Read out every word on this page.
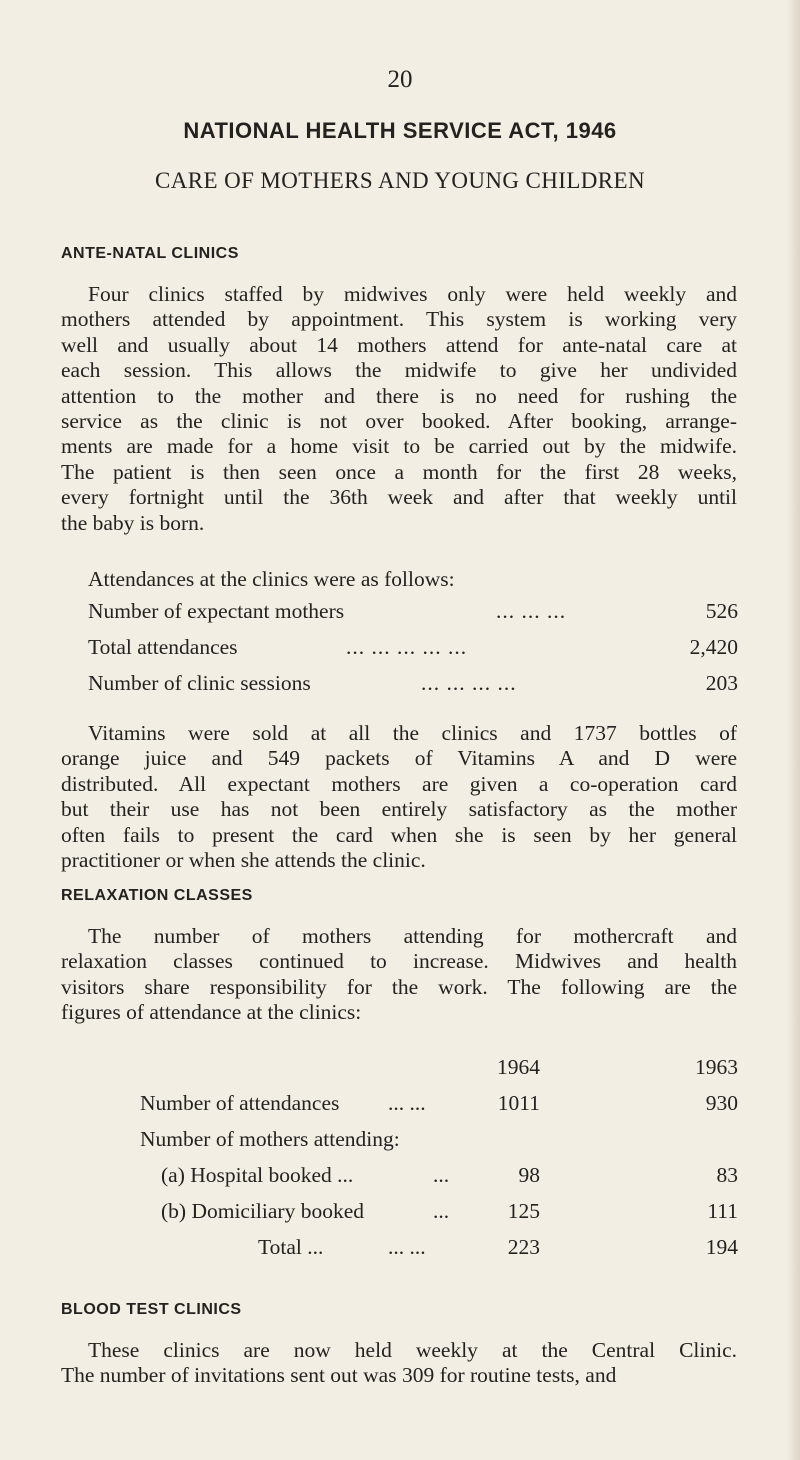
20
NATIONAL HEALTH SERVICE ACT, 1946
CARE OF MOTHERS AND YOUNG CHILDREN
ANTE-NATAL CLINICS
Four clinics staffed by midwives only were held weekly and
mothers attended by appointment. This system is working very
well and usually about 14 mothers attend for ante-natal care at
each session. This allows the midwife to give her undivided
attention to the mother and there is no need for rushing the
service as the clinic is not over booked. After booking, arrange-
ments are made for a home visit to be carried out by the midwife.
The patient is then seen once a month for the first 28 weeks,
every fortnight until the 36th week and after that weekly until
the baby is born.
Attendances at the clinics were as follows:
Number of expectant mothers	... ... ...	526
Total attendances	... ... ... ... ...	2,420
Number of clinic sessions	... ... ... ...	203
Vitamins were sold at all the clinics and 1737 bottles of
orange juice and 549 packets of Vitamins A and D were
distributed. All expectant mothers are given a co-operation card
but their use has not been entirely satisfactory as the mother
often fails to present the card when she is seen by her general
practitioner or when she attends the clinic.
RELAXATION CLASSES
The number of mothers attending for mothercraft and
relaxation classes continued to increase. Midwives and health
visitors share responsibility for the work. The following are the
figures of attendance at the clinics:
1964	1963
Number of attendances ... ...	1011	930
Number of mothers attending:
(a) Hospital booked ...	...	98	83
(b) Domiciliary booked	...	125	111
Total ...	... ...	223	194
BLOOD TEST CLINICS
These clinics are now held weekly at the Central Clinic.
The number of invitations sent out was 309 for routine tests, and
